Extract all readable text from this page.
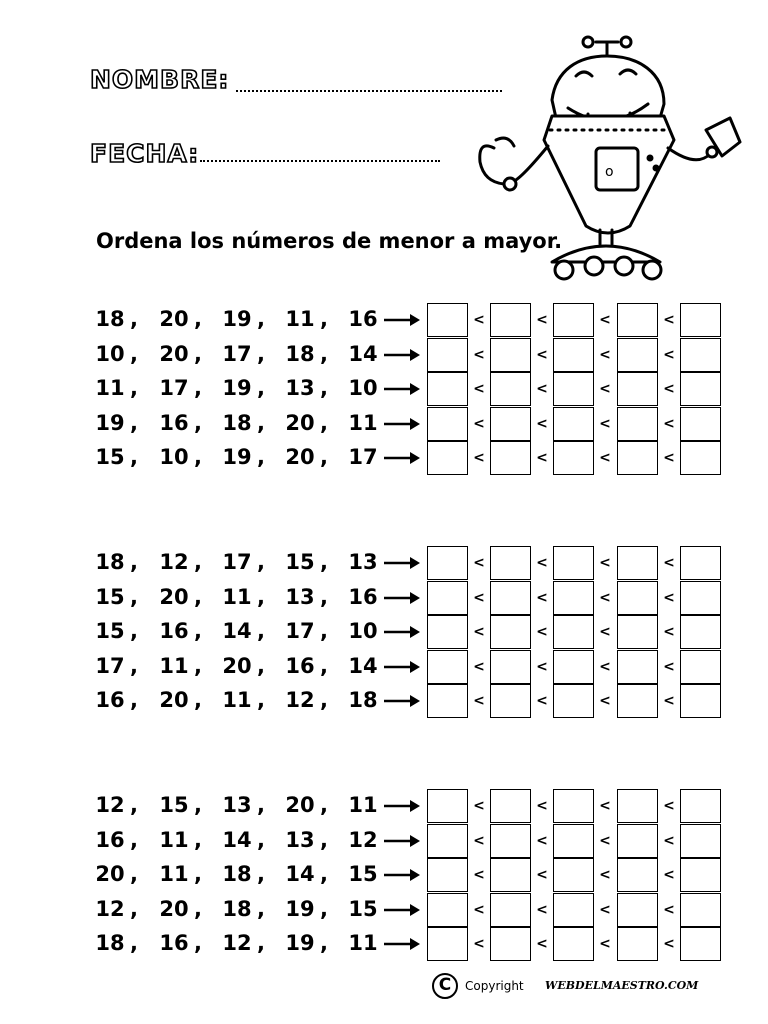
NOMBRE:
FECHA:
Ordena los números de menor a mayor.
o
18 , 20 , 19 , 11 , 16	<	<	<	<
10 , 20 , 17 , 18 , 14	<	<	<	<
11 , 17 , 19 , 13 , 10	<	<	<	<
19 , 16 , 18 , 20 , 11	<	<	<	<
15 , 10 , 19 , 20 , 17	<	<	<	<
18 , 12 , 17 , 15 , 13	<	<	<	<
15 , 20 , 11 , 13 , 16	<	<	<	<
15 , 16 , 14 , 17 , 10	<	<	<	<
17 , 11 , 20 , 16 , 14	<	<	<	<
16 , 20 , 11 , 12 , 18	<	<	<	<
12 , 15 , 13 , 20 , 11	<	<	<	<
16 , 11 , 14 , 13 , 12	<	<	<	<
20 , 11 , 18 , 14 , 15	<	<	<	<
12 , 20 , 18 , 19 , 15	<	<	<	<
18 , 16 , 12 , 19 , 11	<	<	<	<
C	Copyright WEBDELMAESTRO.COM
